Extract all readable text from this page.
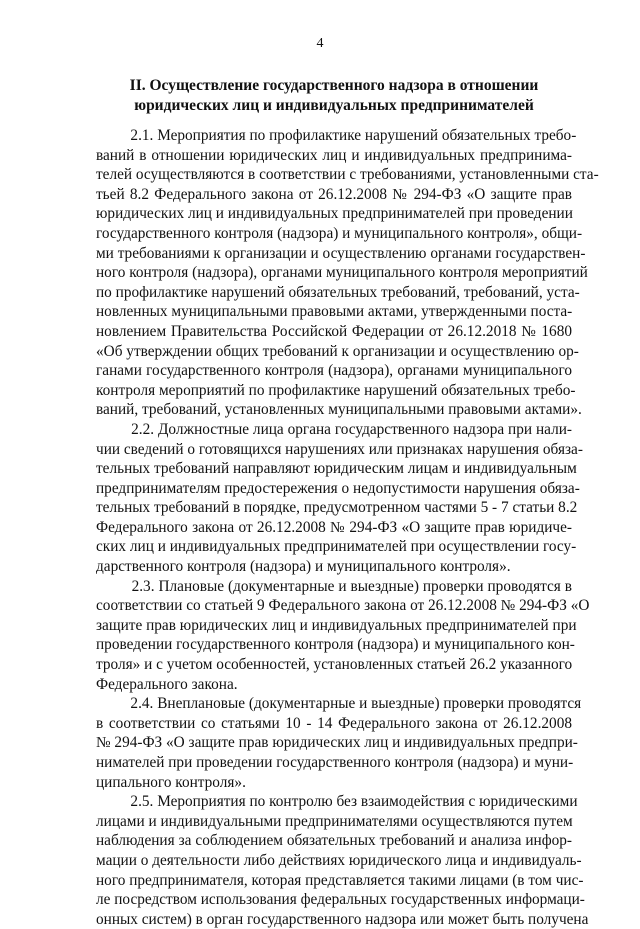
4
II. Осуществление государственного надзора в отношении
юридических лиц и индивидуальных предпринимателей
2.1. Мероприятия по профилактике нарушений обязательных требо-
ваний в отношении юридических лиц и индивидуальных предпринима-
телей осуществляются в соответствии с требованиями, установленными ста-
тьей 8.2 Федерального закона от 26.12.2008 № 294-ФЗ «О защите прав
юридических лиц и индивидуальных предпринимателей при проведении
государственного контроля (надзора) и муниципального контроля», общи-
ми требованиями к организации и осуществлению органами государствен-
ного контроля (надзора), органами муниципального контроля мероприятий
по профилактике нарушений обязательных требований, требований, уста-
новленных муниципальными правовыми актами, утвержденными поста-
новлением Правительства Российской Федерации от 26.12.2018 № 1680
«Об утверждении общих требований к организации и осуществлению ор-
ганами государственного контроля (надзора), органами муниципального
контроля мероприятий по профилактике нарушений обязательных требо-
ваний, требований, установленных муниципальными правовыми актами».
2.2. Должностные лица органа государственного надзора при нали-
чии сведений о готовящихся нарушениях или признаках нарушения обяза-
тельных требований направляют юридическим лицам и индивидуальным
предпринимателям предостережения о недопустимости нарушения обяза-
тельных требований в порядке, предусмотренном частями 5 - 7 статьи 8.2
Федерального закона от 26.12.2008 № 294-ФЗ «О защите прав юридиче-
ских лиц и индивидуальных предпринимателей при осуществлении госу-
дарственного контроля (надзора) и муниципального контроля».
2.3. Плановые (документарные и выездные) проверки проводятся в
соответствии со статьей 9 Федерального закона от 26.12.2008 № 294-ФЗ «О
защите прав юридических лиц и индивидуальных предпринимателей при
проведении государственного контроля (надзора) и муниципального кон-
троля» и с учетом особенностей, установленных статьей 26.2 указанного
Федерального закона.
2.4. Внеплановые (документарные и выездные) проверки проводятся
в соответствии со статьями 10 - 14 Федерального закона от 26.12.2008
№ 294-ФЗ «О защите прав юридических лиц и индивидуальных предпри-
нимателей при проведении государственного контроля (надзора) и муни-
ципального контроля».
2.5. Мероприятия по контролю без взаимодействия с юридическими
лицами и индивидуальными предпринимателями осуществляются путем
наблюдения за соблюдением обязательных требований и анализа инфор-
мации о деятельности либо действиях юридического лица и индивидуаль-
ного предпринимателя, которая представляется такими лицами (в том чис-
ле посредством использования федеральных государственных информаци-
онных систем) в орган государственного надзора или может быть получена
